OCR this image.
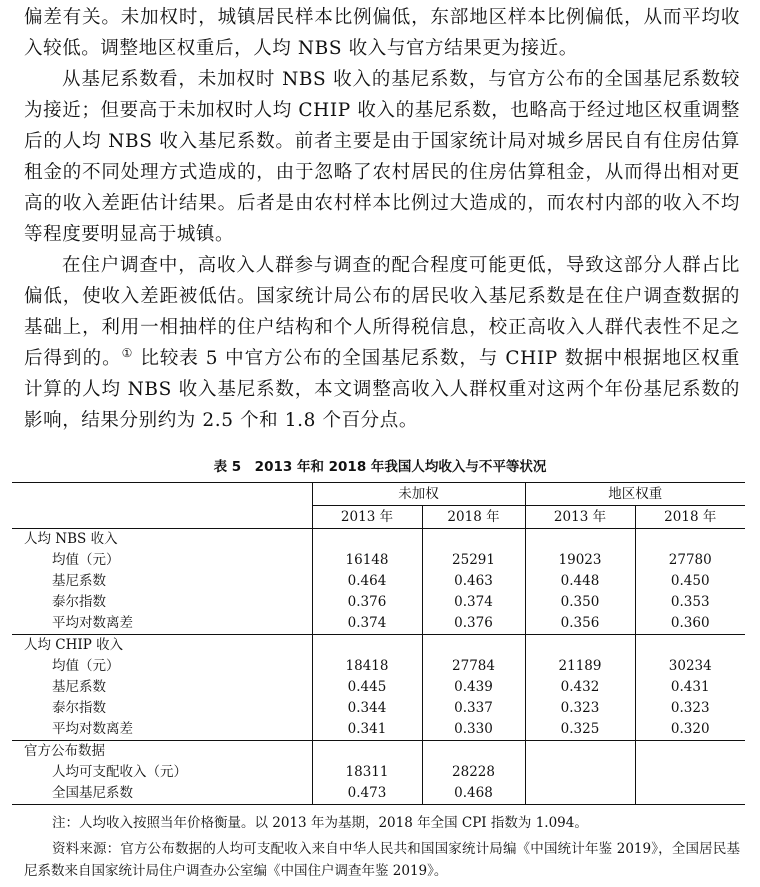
偏差有关。未加权时，城镇居民样本比例偏低，东部地区样本比例偏低，从而平均收入较低。调整地区权重后，人均 NBS 收入与官方结果更为接近。

从基尼系数看，未加权时 NBS 收入的基尼系数，与官方公布的全国基尼系数较为接近；但要高于未加权时人均 CHIP 收入的基尼系数，也略高于经过地区权重调整后的人均 NBS 收入基尼系数。前者主要是由于国家统计局对城乡居民自有住房估算租金的不同处理方式造成的，由于忽略了农村居民的住房估算租金，从而得出相对更高的收入差距估计结果。后者是由农村样本比例过大造成的，而农村内部的收入不均等程度要明显高于城镇。

在住户调查中，高收入人群参与调查的配合程度可能更低，导致这部分人群占比偏低，使收入差距被低估。国家统计局公布的居民收入基尼系数是在住户调查数据的基础上，利用一相抽样的住户结构和个人所得税信息，校正高收入人群代表性不足之后得到的。① 比较表 5 中官方公布的全国基尼系数，与 CHIP 数据中根据地区权重计算的人均 NBS 收入基尼系数，本文调整高收入人群权重对这两个年份基尼系数的影响，结果分别约为 2.5 个和 1.8 个百分点。

表 5　2013 年和 2018 年我国人均收入与不平等状况

	未加权		地区权重	
	2013 年	2018 年	2013 年	2018 年
人均 NBS 收入				
均值（元）	16148	25291	19023	27780
基尼系数	0.464	0.463	0.448	0.450
泰尔指数	0.376	0.374	0.350	0.353
平均对数离差	0.374	0.376	0.356	0.360
人均 CHIP 收入				
均值（元）	18418	27784	21189	30234
基尼系数	0.445	0.439	0.432	0.431
泰尔指数	0.344	0.337	0.323	0.323
平均对数离差	0.341	0.330	0.325	0.320
官方公布数据				
人均可支配收入（元）	18311	28228		
全国基尼系数	0.473	0.468		

注：人均收入按照当年价格衡量。以 2013 年为基期，2018 年全国 CPI 指数为 1.094。

资料来源：官方公布数据的人均可支配收入来自中华人民共和国国家统计局编《中国统计年鉴 2019》，全国居民基尼系数来自国家统计局住户调查办公室编《中国住户调查年鉴 2019》。
